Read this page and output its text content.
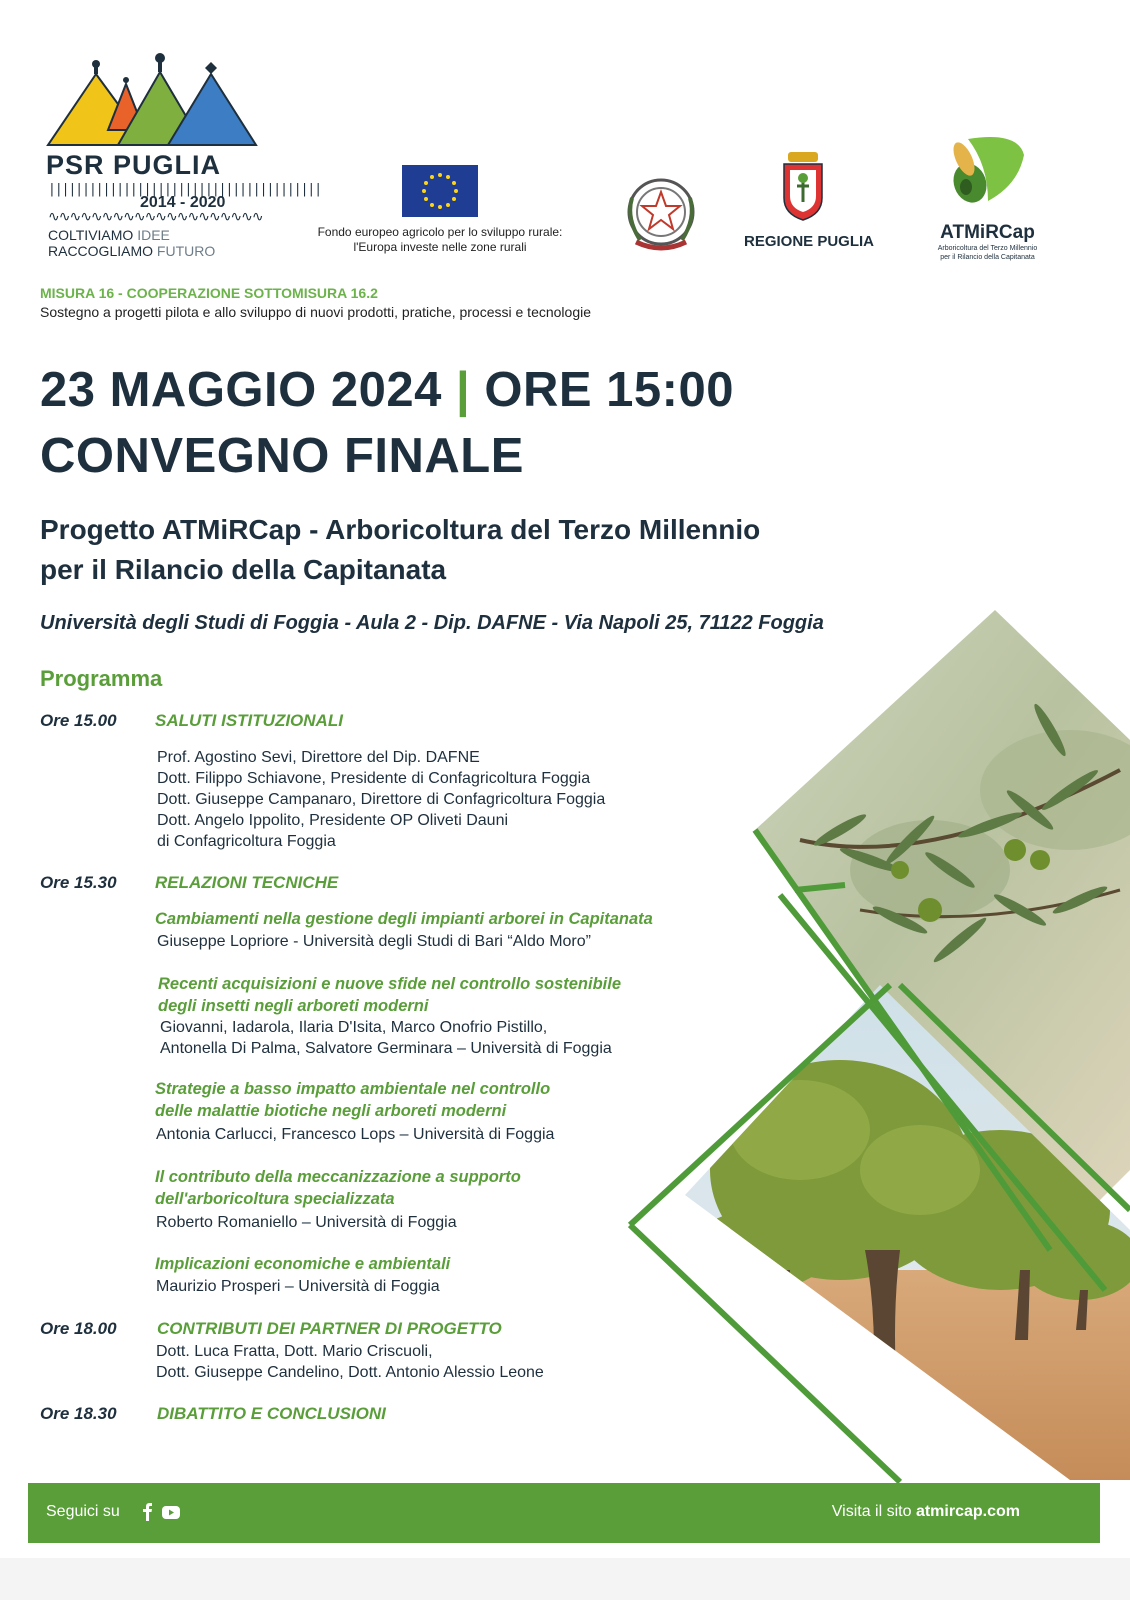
PSR PUGLIA
||||||||||||||||||||||||||||||||||||||||
2014 - 2020
∿∿∿∿∿∿∿∿∿∿∿∿∿∿∿∿∿∿∿∿
COLTIVIAMO IDEE
RACCOGLIAMO FUTURO
Fondo europeo agricolo per lo sviluppo rurale:
l'Europa investe nelle zone rurali	REGIONE PUGLIA	ATMiRCap
Arboricoltura del Terzo Millennio
per il Rilancio della Capitanata
MISURA 16 - COOPERAZIONE SOTTOMISURA 16.2
Sostegno a progetti pilota e allo sviluppo di nuovi prodotti, pratiche, processi e tecnologie
23 MAGGIO 2024 | ORE 15:00
CONVEGNO FINALE
Progetto ATMiRCap - Arboricoltura del Terzo Millennio
per il Rilancio della Capitanata
Università degli Studi di Foggia - Aula 2 - Dip. DAFNE - Via Napoli 25, 71122 Foggia
Programma
Ore 15.00 SALUTI ISTITUZIONALI
Prof. Agostino Sevi, Direttore del Dip. DAFNE
Dott. Filippo Schiavone, Presidente di Confagricoltura Foggia
Dott. Giuseppe Campanaro, Direttore di Confagricoltura Foggia
Dott. Angelo Ippolito, Presidente OP Oliveti Dauni
di Confagricoltura Foggia
Ore 15.30 RELAZIONI TECNICHE
Cambiamenti nella gestione degli impianti arborei in Capitanata
Giuseppe Lopriore - Università degli Studi di Bari “Aldo Moro”
Recenti acquisizioni e nuove sfide nel controllo sostenibile
degli insetti negli arboreti moderni
Giovanni, Iadarola, Ilaria D'Isita, Marco Onofrio Pistillo,
Antonella Di Palma, Salvatore Germinara – Università di Foggia
Strategie a basso impatto ambientale nel controllo
delle malattie biotiche negli arboreti moderni
Antonia Carlucci, Francesco Lops – Università di Foggia
Il contributo della meccanizzazione a supporto
dell'arboricoltura specializzata
Roberto Romaniello – Università di Foggia
Implicazioni economiche e ambientali
Maurizio Prosperi – Università di Foggia
Ore 18.00 CONTRIBUTI DEI PARTNER DI PROGETTO
Dott. Luca Fratta, Dott. Mario Criscuoli,
Dott. Giuseppe Candelino, Dott. Antonio Alessio Leone
Ore 18.30 DIBATTITO E CONCLUSIONI
Seguici su	Visita il sito atmircap.com
